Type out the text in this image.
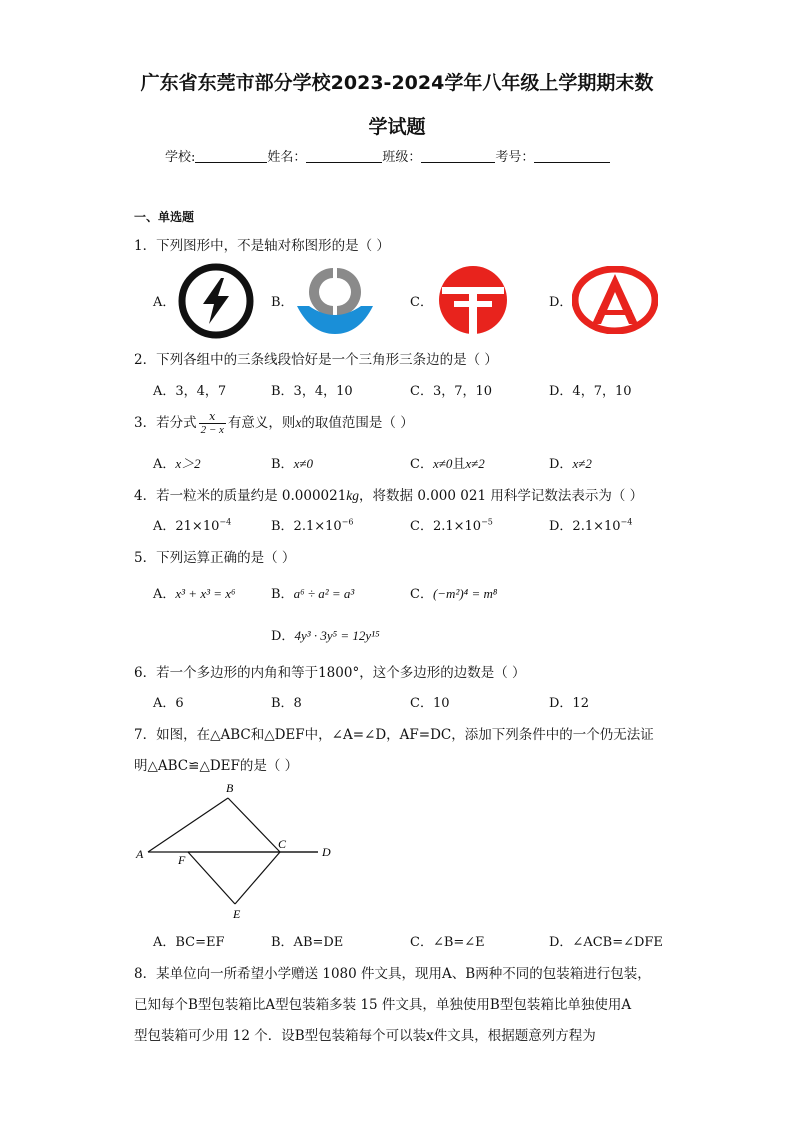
广东省东莞市部分学校2023-2024学年八年级上学期期末数
学试题
学校:	姓名：	班级：	考号：
一、单选题
1．下列图形中，不是轴对称图形的是（ ）
A．	B．	C．	D．
2．下列各组中的三条线段恰好是一个三角形三条边的是（ ）
A．3，4，7	B．3，4，10	C．3，7，10	D．4，7，10
3．若分式 $\frac{x}{2 - x}$ 有意义，则x的取值范围是（ ）
A．x＞2	B．x≠0	C．x≠0且x≠2	D．x≠2
4．若一粒米的质量约是 0.000021kg，将数据 0.000 021 用科学记数法表示为（ ）
A．$21\times 10^{-4}$	B．$2.1\times 10^{-6}$	C．$2.1\times 10^{-5}$	D．$2.1\times 10^{-4}$
5．下列运算正确的是（ ）
A．x³ + x³ = x⁶	B．a⁶ ÷ a² = a³	C．(−m²)⁴ = m⁸
D．4y³ · 3y⁵ = 12y¹⁵
6．若一个多边形的内角和等于1800°，这个多边形的边数是（ ）
A．6	B．8	C．10	D．12
7．如图，在△ABC和△DEF中，∠A=∠D，AF=DC，添加下列条件中的一个仍无法证
明△ABC≌△DEF的是（ ）
B
A	F
C
D
E
A．BC=EF	B．AB=DE	C．∠B=∠E	D．∠ACB=∠DFE
8．某单位向一所希望小学赠送 1080 件文具，现用A、B两种不同的包装箱进行包装，
已知每个B型包装箱比A型包装箱多装 15 件文具，单独使用B型包装箱比单独使用A
型包装箱可少用 12 个．设B型包装箱每个可以装x件文具，根据题意列方程为
